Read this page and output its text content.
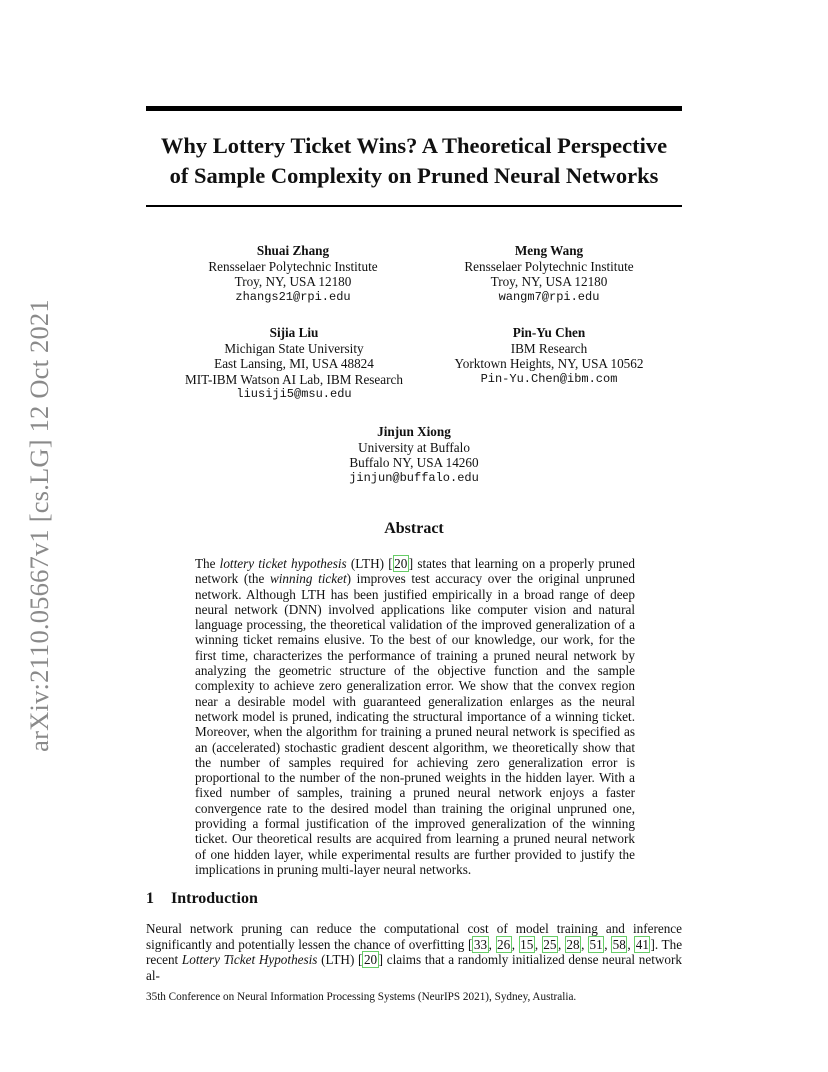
arXiv:2110.05667v1 [cs.LG] 12 Oct 2021
Why Lottery Ticket Wins? A Theoretical Perspective
of Sample Complexity on Pruned Neural Networks
Shuai Zhang
Rensselaer Polytechnic Institute
Troy, NY, USA 12180
zhangs21@rpi.edu
Meng Wang
Rensselaer Polytechnic Institute
Troy, NY, USA 12180
wangm7@rpi.edu
Sijia Liu
Michigan State University
East Lansing, MI, USA 48824
MIT-IBM Watson AI Lab, IBM Research
liusiji5@msu.edu
Pin-Yu Chen
IBM Research
Yorktown Heights, NY, USA 10562
Pin-Yu.Chen@ibm.com
Jinjun Xiong
University at Buffalo
Buffalo NY, USA 14260
jinjun@buffalo.edu
Abstract

The lottery ticket hypothesis (LTH) [ 20 ] states that learning on a properly pruned network (the winning ticket) improves test accuracy over the original unpruned network. Although LTH has been justified empirically in a broad range of deep neural network (DNN) involved applications like computer vision and natural language processing, the theoretical validation of the improved generalization of a winning ticket remains elusive. To the best of our knowledge, our work, for the first time, characterizes the performance of training a pruned neural network by analyzing the geometric structure of the objective function and the sample complexity to achieve zero generalization error. We show that the convex region near a desirable model with guaranteed generalization enlarges as the neural network model is pruned, indicating the structural importance of a winning ticket. Moreover, when the algorithm for training a pruned neural network is specified as an (accelerated) stochastic gradient descent algorithm, we theoretically show that the number of samples required for achieving zero generalization error is proportional to the number of the non-pruned weights in the hidden layer. With a fixed number of samples, training a pruned neural network enjoys a faster convergence rate to the desired model than training the original unpruned one, providing a formal justification of the improved generalization of the winning ticket. Our theoretical results are acquired from learning a pruned neural network of one hidden layer, while experimental results are further provided to justify the implications in pruning multi-layer neural networks.

1 Introduction

Neural network pruning can reduce the computational cost of model training and inference significantly and potentially lessen the chance of overfitting [ 33 , 26 , 15 , 25 , 28 , 51 , 58 , 41 ]. The recent Lottery Ticket Hypothesis (LTH) [ 20 ] claims that a randomly initialized dense neural network al-

35th Conference on Neural Information Processing Systems (NeurIPS 2021), Sydney, Australia.
